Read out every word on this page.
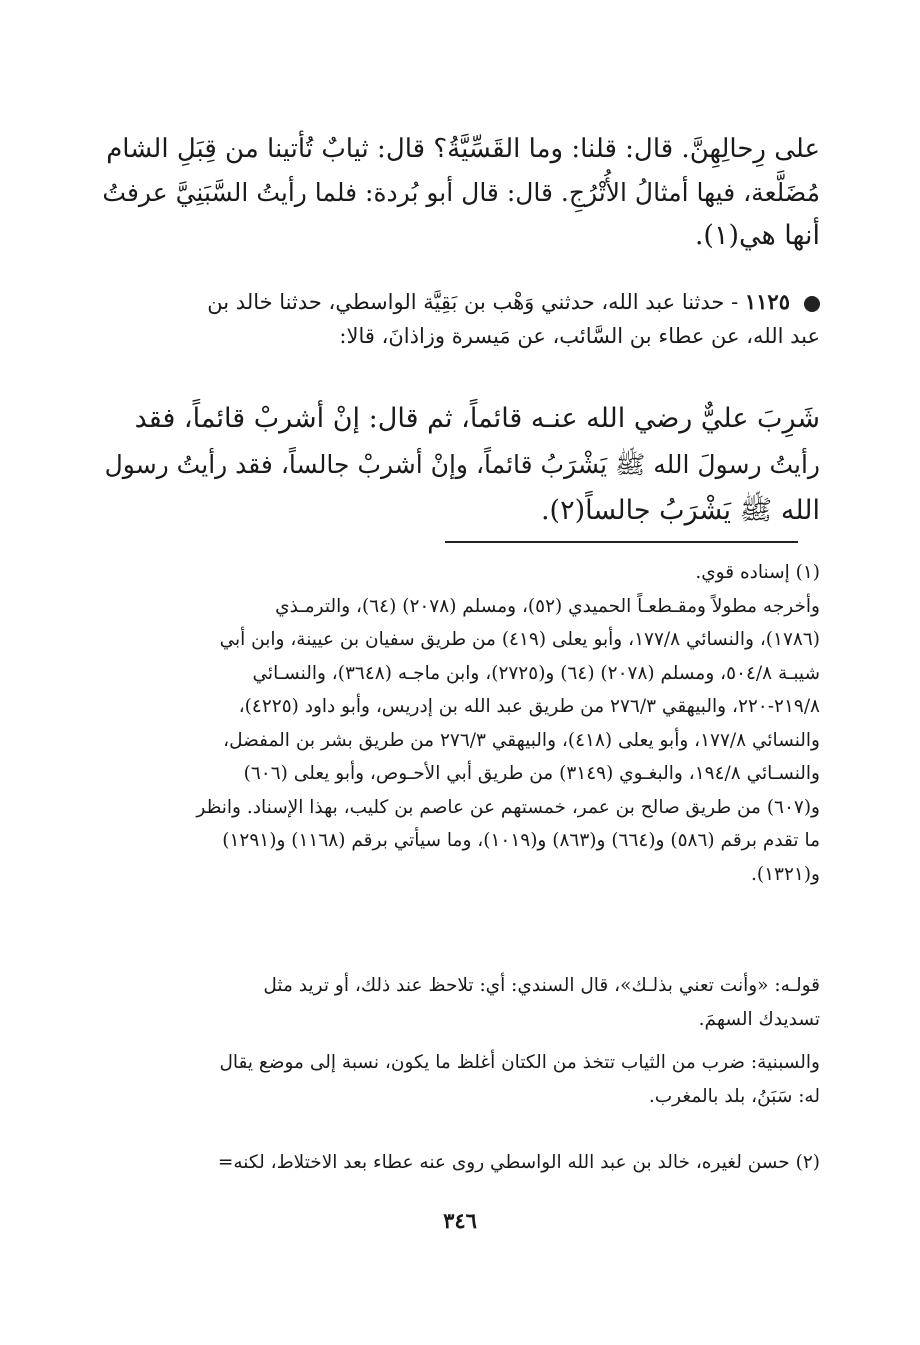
على رِحالِهِنَّ. قال: قلنا: وما القَسِّيَّةُ؟ قال: ثيابٌ تُأتينا من قِبَلِ الشام
مُضَلَّعة، فيها أمثالُ الأُتْرُجِ. قال: قال أبو بُردة: فلما رأيتُ السَّبَنِيَّ عرفتُ
أنها هي(١).
١١٢٥ - حدثنا عبد الله، حدثني وَهْب بن بَقِيَّة الواسطي، حدثنا خالد بن
عبد الله، عن عطاء بن السَّائب، عن مَيسرة وزاذانَ، قالا:
شَرِبَ عليٌّ رضي الله عنـه قائماً، ثم قال: إنْ أشربْ قائماً، فقد
رأيتُ رسولَ الله ﷺ يَشْرَبُ قائماً، وإنْ أشربْ جالساً، فقد رأيتُ رسول
الله ﷺ يَشْرَبُ جالساً(٢).
(١) إسناده قوي.
وأخرجه مطولاً ومقـطعـاً الحميدي (٥٢)، ومسلم (٢٠٧٨) (٦٤)، والترمـذي
(١٧٨٦)، والنسائي ١٧٧/٨، وأبو يعلى (٤١٩) من طريق سفيان بن عيينة، وابن أبي
شيبـة ٥٠٤/٨، ومسلم (٢٠٧٨) (٦٤) و(٢٧٢٥)، وابن ماجـه (٣٦٤٨)، والنسـائي
٢١٩/٨-٢٢٠، والبيهقي ٢٧٦/٣ من طريق عبد الله بن إدريس، وأبو داود (٤٢٢٥)،
والنسائي ١٧٧/٨، وأبو يعلى (٤١٨)، والبيهقي ٢٧٦/٣ من طريق بشر بن المفضل،
والنسـائي ١٩٤/٨، والبغـوي (٣١٤٩) من طريق أبي الأحـوص، وأبو يعلى (٦٠٦)
و(٦٠٧) من طريق صالح بن عمر، خمستهم عن عاصم بن كليب، بهذا الإسناد. وانظر
ما تقدم برقم (٥٨٦) و(٦٦٤) و(٨٦٣) و(١٠١٩)، وما سيأتي برقم (١١٦٨) و(١٢٩١)
و(١٣٢١).
قولـه: «وأنت تعني بذلـك»، قال السندي: أي: تلاحظ عند ذلك، أو تريد مثل
تسديدك السهمَ.
والسبنية: ضرب من الثياب تتخذ من الكتان أغلظ ما يكون، نسبة إلى موضع يقال
له: سَبَنُ، بلد بالمغرب.
(٢) حسن لغيره، خالد بن عبد الله الواسطي روى عنه عطاء بعد الاختلاط، لكنه=
٣٤٦
